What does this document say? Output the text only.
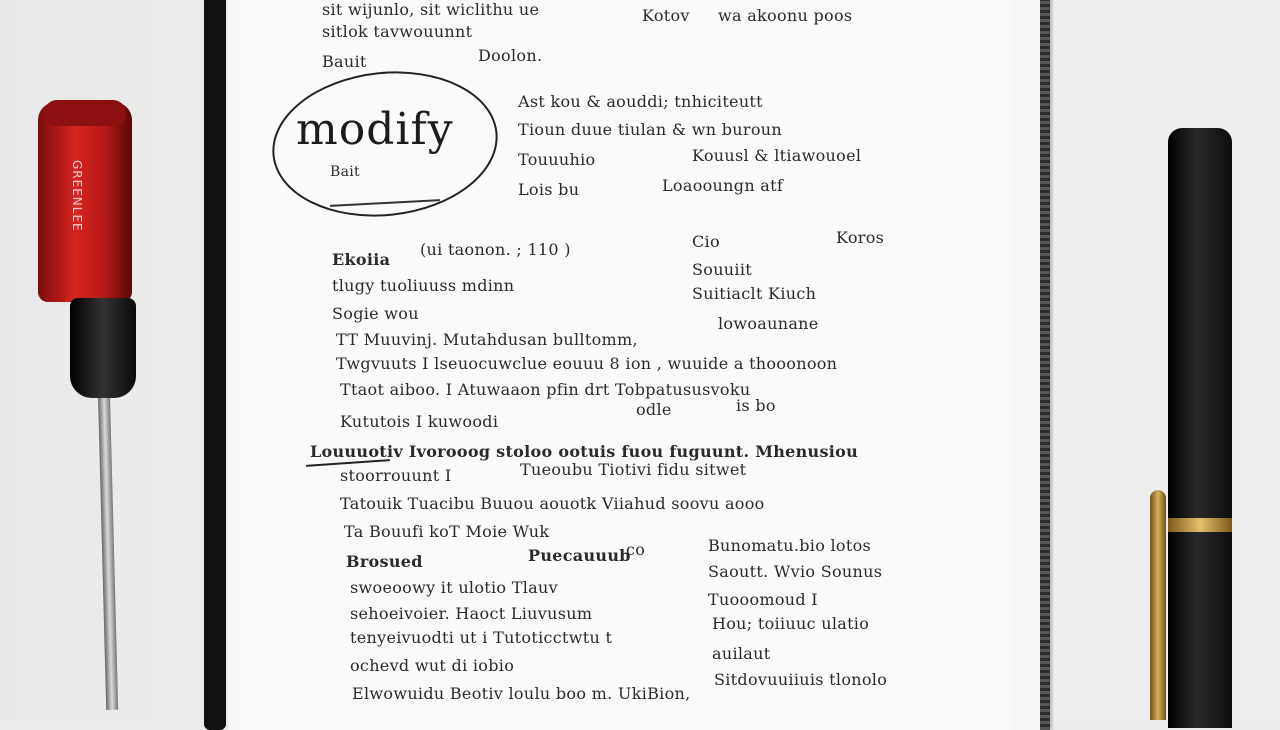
GREENLEE
modify
Bait
sit wijunlo, sit wiclithu ue
sitlok tavwouunnt
Kotov wa akoonu poos
Bauit	Doolon.
Ast kou & aouddi; tnhiciteutt
Tioun duue tiulan & wn buroun
Touuuhio	Kouusl & ltiawouoel
Lois bu	Loaooungn atf
Ekoiia
(ui taonon. ; 110 )	Cio	Koros
tlugy tuoliuuss mdinn
Souuiit
Sogie wou
Suitiaclt Kiuch
TT Muuvinj. Mutahdusan bulltomm,
lowoaunane
Twgvuuts I lseuocuwclue eouuu 8 ion , wuuide a thooonoon
Ttaot aiboo. I Atuwaaon pfin drt Tobpatususvoku
Kututois I kuwoodi
odle	is bo
Louuuotiv Ivorooog stoloo ootuis fuou fuguunt. Mhenusiou
stoorrouunt I	Tueoubu Tiotivi fidu sitwet
Tatouik Tuacibu Buuou aouotk Viiahud soovu aooo
Ta Bouufi koT Moie Wuk
Brosued	Puecauuub
co	Bunomatu.bio lotos
swoeoowy it ulotio Tlauv
Saoutt. Wvio Sounus
sehoeivoier. Haoct Liuvusum
Tuooomoud I
tenyeivuodti ut i Tutoticctwtu t
Hou; toiiuuc ulatio
ochevd wut di iobio
auilaut
Elwowuidu Beotiv loulu boo m. UkiBion,
Sitdovuuiiuis tlonolo
